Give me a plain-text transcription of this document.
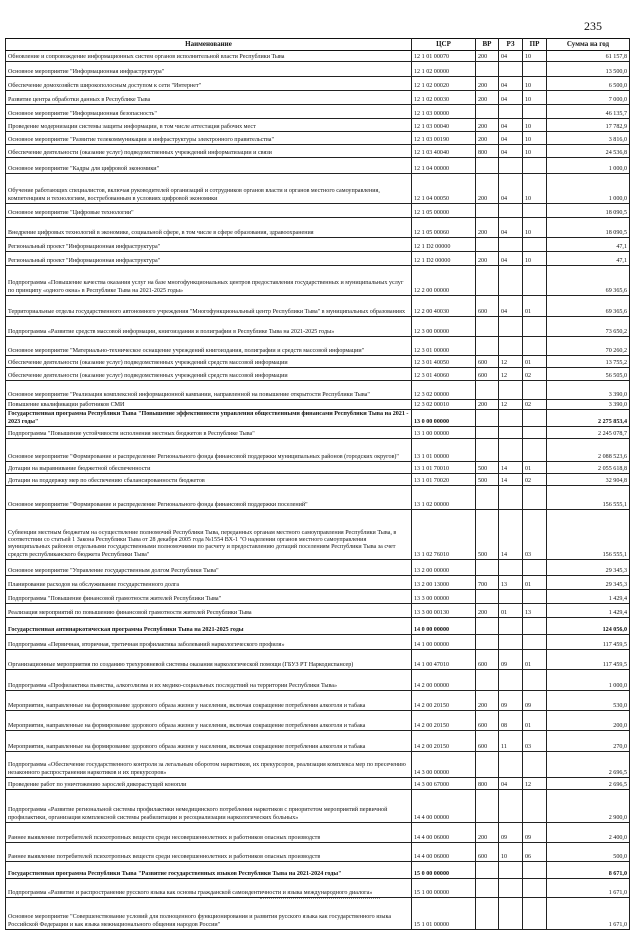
235
Наименование	ЦСР	ВР	РЗ	ПР	Сумма на год
Обновление и сопровождение информационных систем органов исполнительной власти Республики Тыва	12 1 01 00070	200	04	10	61 157,8
Основное мероприятие "Информационная инфраструктура"	12 1 02 00000				13 500,0
Обеспечение домохозяйств широкополосным доступом к сети "Интернет"	12 1 02 00020	200	04	10	6 500,0
Развитие центра обработки данных в Республике Тыва	12 1 02 00030	200	04	10	7 000,0
Основное мероприятие "Информационная безопасность"	12 1 03 00000				46 135,7
Проведение модернизации системы защиты информации, в том числе аттестация рабочих мест	12 1 03 00040	200	04	10	17 782,9
Основное мероприятие "Развитие телекоммуникации и инфраструктуры электронного правительства"	12 1 03 00190	200	04	10	3 816,0
Обеспечение деятельности (оказание услуг) подведомственных учреждений информатизации и связи	12 1 03 40040	800	04	10	24 536,8
Основное мероприятие "Кадры для цифровой экономики"	12 1 04 00000				1 000,0
Обучение работающих специалистов, включая руководителей организаций и сотрудников органов власти и органов местного самоуправления, компетенциям и технологиям, востребованным в условиях цифровой экономики	12 1 04 00050	200	04	10	1 000,0
Основное мероприятие "Цифровые технологии"	12 1 05 00000				18 090,5
Внедрение цифровых технологий в экономике, социальной сфере, в том числе в сфере образования, здравоохранения	12 1 05 00060	200	04	10	18 090,5
Региональный проект "Информационная инфраструктура"	12 1 D2 00000				47,1
Региональный проект "Информационная инфраструктура"	12 1 D2 00000	200	04	10	47,1
Подпрограмма «Повышение качества оказания услуг на базе многофункциональных центров предоставления государственных и муниципальных услуг по принципу «одного окна» в Республике Тыва на 2021-2025 годы»	12 2 00 00000				69 365,6
Территориальные отделы государственного автономного учреждения "Многофункциональный центр Республики Тыва" в муниципальных образованиях	12 2 00 40030	600	04	01	69 365,6
Подпрограмма «Развитие средств массовой информации, книгоиздания и полиграфии в Республике Тыва на 2021-2025 годы»	12 3 00 00000				73 650,2
Основное мероприятие "Материально-техническое оснащение учреждений книгоиздания, полиграфии и средств массовой информации"	12 3 01 00000				70 260,2
Обеспечение деятельности (оказание услуг) подведомственных учреждений средств массовой информации	12 3 01 40050	600	12	01	13 755,2
Обеспечение деятельности (оказание услуг) подведомственных учреждений средств массовой информации	12 3 01 40060	600	12	02	56 505,0
Основное мероприятие "Реализация комплексной информационной кампании, направленной на повышение открытости Республики Тыва"	12 3 02 00000				3 390,0
Повышение квалификации работников СМИ	12 3 02 00010	200	12	02	3 390,0
Государственная программа Республики Тыва "Повышение эффективности управления общественными финансами Республики Тыва на 2021 - 2023 годы"	13 0 00 00000				2 275 853,4
Подпрограмма "Повышение устойчивости исполнения местных бюджетов в Республике Тыва"	13 1 00 00000				2 245 078,7
Основное мероприятие "Формирование и распределение Регионального фонда финансовой поддержки муниципальных районов (городских округов)"	13 1 01 00000				2 088 523,6
Дотации на выравнивание бюджетной обеспеченности	13 1 01 70010	500	14	01	2 055 618,8
Дотации на поддержку мер по обеспечению сбалансированности бюджетов	13 1 01 70020	500	14	02	32 904,8
Основное мероприятие "Формирование и распределение Регионального фонда финансовой поддержки поселений"	13 1 02 00000				156 555,1
Субвенции местным бюджетам на осуществление полномочий Республики Тыва, переданных органам местного самоуправления Республики Тыва, в соответствии со статьей 1 Закона Республики Тыва от 28 декабря 2005 года №1554 ВХ-1 "О наделении органов местного самоуправления муниципальных районов отдельными государственными полномочиями по расчету и предоставлению дотаций поселениям Республики Тыва за счет средств республиканского бюджета Республики Тыва"	13 1 02 76010	500	14	03	156 555,1
Основное мероприятие "Управление государственным долгом Республики Тыва"	13 2 00 00000				29 345,3
Планирование расходов на обслуживание государственного долга	13 2 00 13000	700	13	01	29 345,3
Подпрограмма "Повышение финансовой грамотности жителей Республики Тыва"	13 3 00 00000				1 429,4
Реализация мероприятий по повышению финансовой грамотности жителей Республики Тыва	13 3 00 00130	200	01	13	1 429,4
Государственная антинаркотическая программа Республики Тыва на 2021-2025 годы	14 0 00 00000				124 056,0
Подпрограмма «Первичная, вторичная, третичная профилактика заболеваний наркологического профиля»	14 1 00 00000				117 459,5
Организационные мероприятия по созданию трехуровневой системы оказания наркологической помощи (ГБУЗ РТ Наркодиспансер)	14 1 00 47010	600	09	01	117 459,5
Подпрограмма «Профилактика пьянства, алкоголизма и их медико-социальных последствий на территории Республики Тыва»	14 2 00 00000				1 000,0
Мероприятия, направленные на формирование здорового образа жизни у населения, включая сокращение потребления алкоголя и табака	14 2 00 20150	200	09	09	530,0
Мероприятия, направленные на формирование здорового образа жизни у населения, включая сокращение потребления алкоголя и табака	14 2 00 20150	600	08	01	200,0
Мероприятия, направленные на формирование здорового образа жизни у населения, включая сокращение потребления алкоголя и табака	14 2 00 20150	600	11	03	270,0
Подпрограмма «Обеспечение государственного контроля за легальным оборотом наркотиков, их прекурсоров, реализация комплекса мер по пресечению незаконного распространения наркотиков и их прекурсоров»	14 3 00 00000				2 696,5
Проведение работ по уничтожению зарослей дикорастущей конопли	14 3 00 67000	800	04	12	2 696,5
Подпрограмма «Развитие региональной системы профилактики немедицинского потребления наркотиков с приоритетом мероприятий первичной профилактики, организация комплексной системы реабилитации и ресоциализации наркологических больных»	14 4 00 00000				2 900,0
Раннее выявление потребителей психотропных веществ среди несовершеннолетних и работников опасных производств	14 4 00 06000	200	09	09	2 400,0
Раннее выявление потребителей психотропных веществ среди несовершеннолетних и работников опасных производств	14 4 00 06000	600	10	06	500,0
Государственная программа Республики Тыва "Развитие государственных языков Республики Тыва на 2021-2024 годы"	15 0 00 00000				8 671,0
Подпрограмма «Развитие и распространение русского языка как основы гражданской самоидентичности и языка международного диалога»	15 1 00 00000				1 671,0
Основное мероприятие "Совершенствование условий для полноценного функционирования и развития русского языка как государственного языка Российской Федерации и как языка межнационального общения народов России"	15 1 01 00000				1 671,0
